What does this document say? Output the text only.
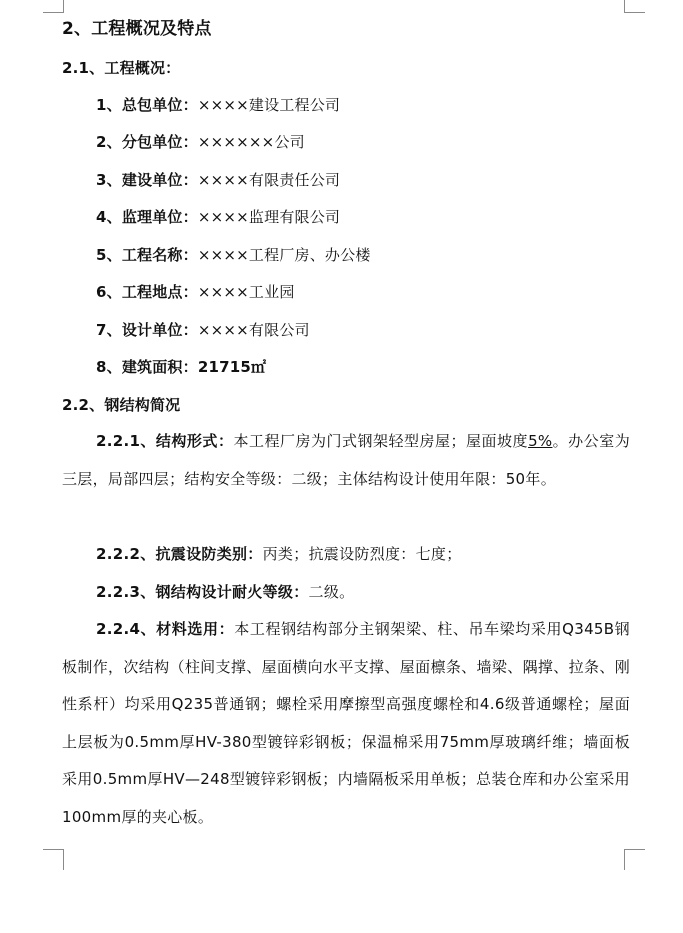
2、工程概况及特点
2.1、工程概况：
1、总包单位：××××建设工程公司
2、分包单位：××××××公司
3、建设单位：××××有限责任公司
4、监理单位：××××监理有限公司
5、工程名称：××××工程厂房、办公楼
6、工程地点：××××工业园
7、设计单位：××××有限公司
8、建筑面积：21715㎡
2.2、钢结构简况
2.2.1、结构形式：本工程厂房为门式钢架轻型房屋；屋面坡度5%。办公室为三层，局部四层；结构安全等级：二级；主体结构设计使用年限：50年。
2.2.2、抗震设防类别：丙类；抗震设防烈度：七度；
2.2.3、钢结构设计耐火等级：二级。
2.2.4、材料选用：本工程钢结构部分主钢架梁、柱、吊车梁均采用Q345B钢板制作，次结构（柱间支撑、屋面横向水平支撑、屋面檩条、墙梁、隅撑、拉条、刚性系杆）均采用Q235普通钢；螺栓采用摩擦型高强度螺栓和4.6级普通螺栓；屋面上层板为0.5mm厚HV-380型镀锌彩钢板；保温棉采用75mm厚玻璃纤维；墙面板采用0.5mm厚HV—248型镀锌彩钢板；内墙隔板采用单板；总装仓库和办公室采用100mm厚的夹心板。
